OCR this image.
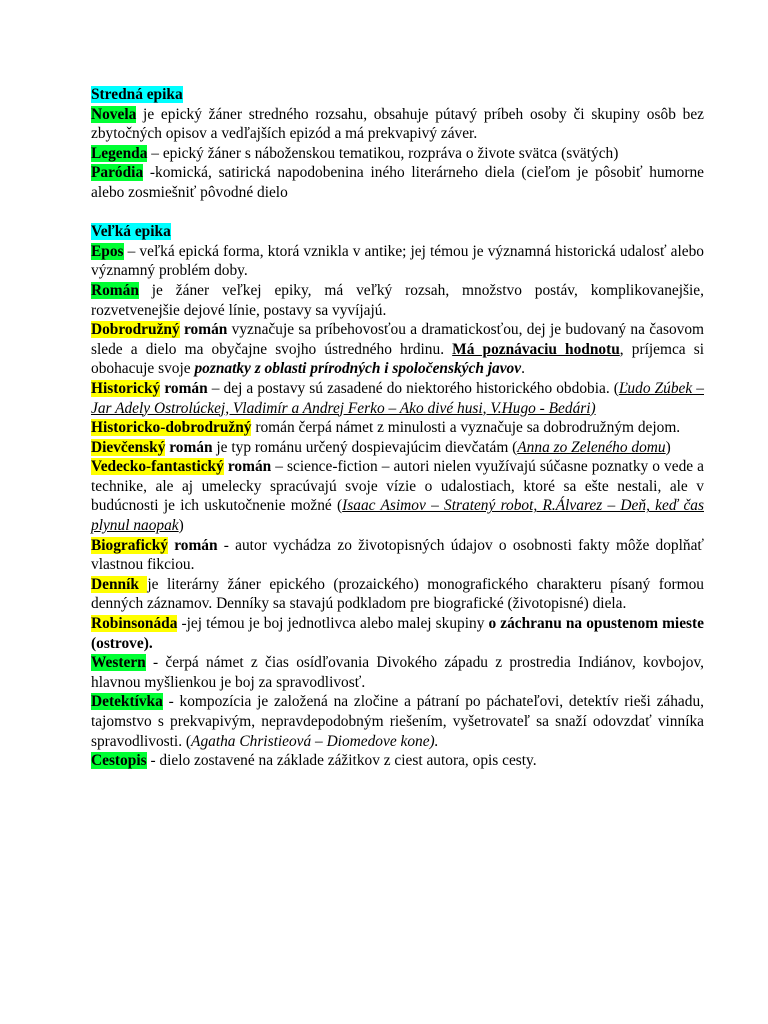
Stredná epika

Novela je epický žáner stredného rozsahu, obsahuje pútavý príbeh osoby či skupiny osôb bez zbytočných opisov a vedľajších epizód a má prekvapivý záver.

Legenda – epický žáner s náboženskou tematikou, rozpráva o živote svätca (svätých)

Paródia -komická, satirická napodobenina iného literárneho diela (cieľom je pôsobiť humorne alebo zosmiešniť pôvodné dielo

Veľká epika

Epos – veľká epická forma, ktorá vznikla v antike; jej témou je významná historická udalosť alebo významný problém doby.

Román je žáner veľkej epiky, má veľký rozsah, množstvo postáv, komplikovanejšie, rozvetvenejšie dejové línie, postavy sa vyvíjajú.

Dobrodružný román vyznačuje sa príbehovosťou a dramatickosťou, dej je budovaný na časovom slede a dielo ma obyčajne svojho ústredného hrdinu. Má poznávaciu hodnotu, príjemca si obohacuje svoje poznatky z oblasti prírodných i spoločenských javov.

Historický román – dej a postavy sú zasadené do niektorého historického obdobia. (Ľudo Zúbek – Jar Adely Ostrolúckej, Vladimír a Andrej Ferko – Ako divé husi, V.Hugo - Bedári)

Historicko-dobrodružný román čerpá námet z minulosti a vyznačuje sa dobrodružným dejom.

Dievčenský román je typ románu určený dospievajúcim dievčatám (Anna zo Zeleného domu)

Vedecko-fantastický román – science-fiction – autori nielen využívajú súčasne poznatky o vede a technike, ale aj umelecky spracúvajú svoje vízie o udalostiach, ktoré sa ešte nestali, ale v budúcnosti je ich uskutočnenie možné (Isaac Asimov – Stratený robot, R.Álvarez – Deň, keď čas plynul naopak)

Biografický román - autor vychádza zo životopisných údajov o osobnosti fakty môže doplňať vlastnou fikciou.

Denník je literárny žáner epického (prozaického) monografického charakteru písaný formou denných záznamov. Denníky sa stavajú podkladom pre biografické (životopisné) diela.

Robinsonáda -jej témou je boj jednotlivca alebo malej skupiny o záchranu na opustenom mieste (ostrove).

Western - čerpá námet z čias osídľovania Divokého západu z prostredia Indiánov, kovbojov, hlavnou myšlienkou je boj za spravodlivosť.

Detektívka - kompozícia je založená na zločine a pátraní po páchateľovi, detektív rieši záhadu, tajomstvo s prekvapivým, nepravdepodobným riešením, vyšetrovateľ sa snaží odovzdať vinníka spravodlivosti. (Agatha Christieová – Diomedove kone).

Cestopis - dielo zostavené na základe zážitkov z ciest autora, opis cesty.
